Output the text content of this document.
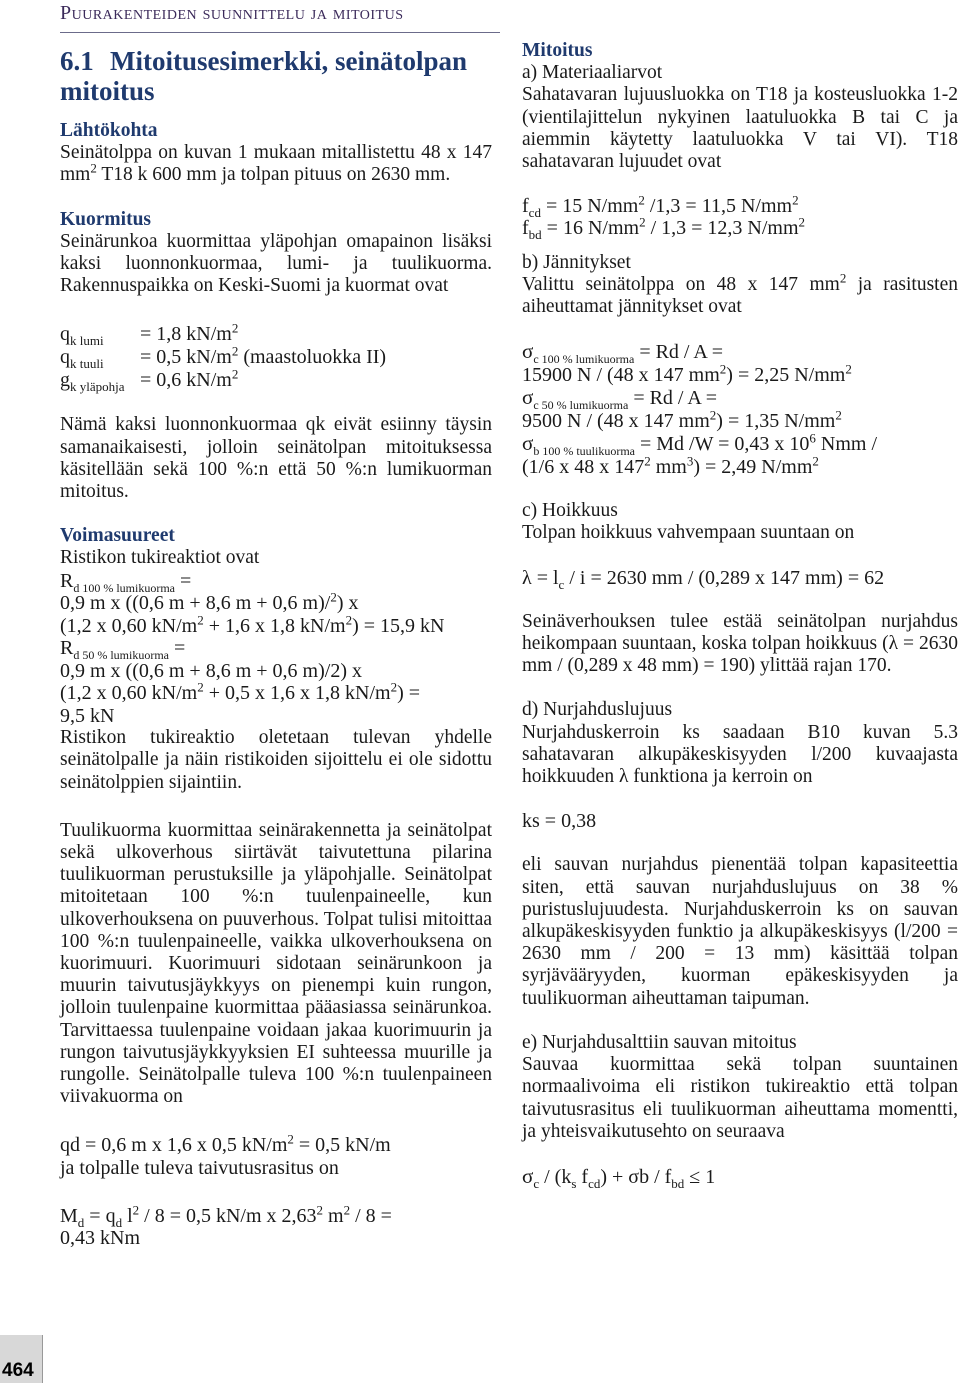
Puurakenteiden suunnittelu ja mitoitus
6.1 Mitoitusesimerkki, seinätolpan mitoitus

Lähtökohta

Seinätolppa on kuvan 1 mukaan mitallistettu 48 x 147 $mm^2$ T18 k 600 mm ja tolpan pituus on 2630 mm.

Kuormitus

Seinärunkoa kuormittaa yläpohjan omapainon lisäksi kaksi luonnonkuormaa, lumi- ja tuulikuorma. Rakennuspaikka on Keski-Suomi ja kuormat ovat

$q_{k lumi}$	= 1,8 $kN/m^2$
$q_{k tuuli}$	= 0,5 $kN/m^2$ (maastoluokka II)
$g_{k yläpohja} = 0,6$ $kN/m^2$

Nämä kaksi luonnonkuormaa qk eivät esiinny täysin samanaikaisesti, jolloin seinätolpan mitoituksessa käsitellään sekä 100 %:n että 50 %:n lumikuorman mitoitus.

Voimasuureet

Ristikon tukireaktiot ovat

$R_{d 100 \% lumikuorma}$ =
0,9 m x ((0,6 m + 8,6 m + 0,6 m)/$^2$) x
(1,2 x 0,60 $kN/m^2 + 1,6$ x 1,8 $kN/m^2) = 15,9$ kN
$R_{d 50 \% lumikuorma}$ =
0,9 m x ((0,6 m + 8,6 m + 0,6 m)/2) x
(1,2 x 0,60 $kN/m^2 + 0,5$ x 1,6 x 1,8 $kN/m^2$) =
9,5 kN

Ristikon tukireaktio oletetaan tulevan yhdelle seinätolpalle ja näin ristikoiden sijoittelu ei ole sidottu seinätolppien sijaintiin.

Tuulikuorma kuormittaa seinärakennetta ja seinätolpat sekä ulkoverhous siirtävät taivutettuna pilarina tuulikuorman perustuksille ja yläpohjalle. Seinätolpat mitoitetaan 100 %:n tuulenpaineelle, kun ulkoverhouksena on puuverhous. Tolpat tulisi mitoittaa 100 %:n tuulenpaineelle, vaikka ulkoverhouksena on kuorimuuri. Kuorimuuri sidotaan seinärunkoon ja muurin taivutusjäykkyys on pienempi kuin rungon, jolloin tuulenpaine kuormittaa pääasiassa seinärunkoa. Tarvittaessa tuulenpaine voidaan jakaa kuorimuurin ja rungon taivutusjäykkyyksien EI suhteessa muurille ja rungolle. Seinätolpalle tuleva 100 %:n tuulenpaineen viivakuorma on

qd = 0,6 m x 1,6 x 0,5 $kN/m^2 = 0,5$ kN/m
ja tolpalle tuleva taivutusrasitus on
$M_d = q_d$ $l^2 / 8 = 0,5$ kN/m x 2,63$^2$ $m^2 / 8$ =
0,43 kNm

Mitoitus

a) Materiaaliarvot

Sahatavaran lujuusluokka on T18 ja kosteusluokka 1-2 (vientilajittelun nykyinen laatuluokka B tai C ja aiemmin käytetty laatuluokka V tai VI). T18 sahatavaran lujuudet ovat

$f_{cd} = 15$ $N/mm^2$ /1,3 = 11,5 $N/mm^2$
$f_{bd} = 16$ $N/mm^2 / 1,3 = 12,3$ $N/mm^2$

b) Jännitykset

Valittu seinätolppa on 48 x 147 $mm^2$ ja rasitusten aiheuttamat jännitykset ovat

$\sigma_{c 100 \% lumikuorma} = Rd / A$ =
15900 N / (48 x 147 $mm^2) = 2,25$ $N/mm^2$
$\sigma_{c 50 \% lumikuorma} = Rd / A$ =
9500 N / (48 x 147 $mm^2) = 1,35$ $N/mm^2$
$\sigma_{b 100 \% tuulikuorma} = Md$ /W = 0,43 x $10^6$ Nmm /
(1/6 x 48 x $147^2$ $mm^3) = 2,49$ $N/mm^2$

c) Hoikkuus

Tolpan hoikkuus vahvempaan suuntaan on

$\lambda = l_c / i = 2630$ mm / (0,289 x 147 mm) = 62

Seinäverhouksen tulee estää seinätolpan nurjahdus heikompaan suuntaan, koska tolpan hoikkuus (λ = 2630 mm / (0,289 x 48 mm) = 190) ylittää rajan 170.

d) Nurjahduslujuus

Nurjahduskerroin ks saadaan B10 kuvan 5.3 sahatavaran alkupäkeskisyyden l/200 kuvaajasta hoikkuuden λ funktiona ja kerroin on

ks = 0,38

eli sauvan nurjahdus pienentää tolpan kapasiteettia siten, että sauvan nurjahduslujuus on 38 % puristuslujuudesta. Nurjahduskerroin ks on sauvan alkupäkeskisyyden funktio ja alkupäkeskisyys (l/200 = 2630 mm / 200 = 13 mm) käsittää tolpan syrjävääryyden, kuorman epäkeskisyyden ja tuulikuorman aiheuttaman taipuman.

e) Nurjahdusalttiin sauvan mitoitus

Sauvaa kuormittaa sekä tolpan suuntainen normaalivoima eli ristikon tukireaktio että tolpan taivutusrasitus eli tuulikuorman aiheuttama momentti, ja yhteisvaikutusehto on seuraava

$\sigma_c / (k_s$ $f_{cd}) + \sigma b / f_{bd} \le 1$
464
